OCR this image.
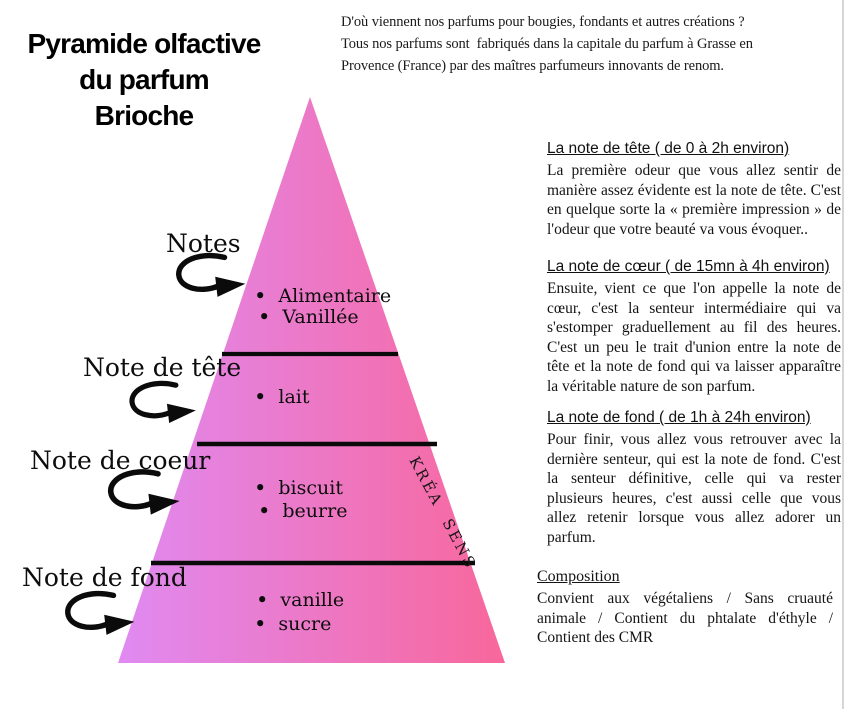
Pyramide olfactive
du parfum
Brioche
D'où viennent nos parfums pour bougies, fondants et autres créations ?
Tous nos parfums sont  fabriqués dans la capitale du parfum à Grasse en
Provence (France) par des maîtres parfumeurs innovants de renom.
KRÉA SENS
• Alimentaire
• Vanillée
• lait
• biscuit
• beurre
• vanille
• sucre
Notes
Note de tête
Note de coeur
Note de fond

La note de tête ( de 0 à 2h environ)

La première odeur que vous allez sentir de manière assez évidente est la note de tête. C'est en quelque sorte la « première impression » de l'odeur que votre beauté va vous évoquer..

La note de cœur ( de 15mn à 4h environ)

Ensuite, vient ce que l'on appelle la note de cœur, c'est la senteur intermédiaire qui va s'estomper graduellement au fil des heures. C'est un peu le trait d'union entre la note de tête et la note de fond qui va laisser apparaître la véritable nature de son parfum.

La note de fond ( de 1h à 24h environ)

Pour finir, vous allez vous retrouver avec la dernière senteur, qui est la note de fond. C'est la senteur définitive, celle qui va rester plusieurs heures, c'est aussi celle que vous allez retenir lorsque vous allez adorer un parfum.

Composition

Convient aux végétaliens / Sans cruauté animale / Contient du phtalate d'éthyle / Contient des CMR
